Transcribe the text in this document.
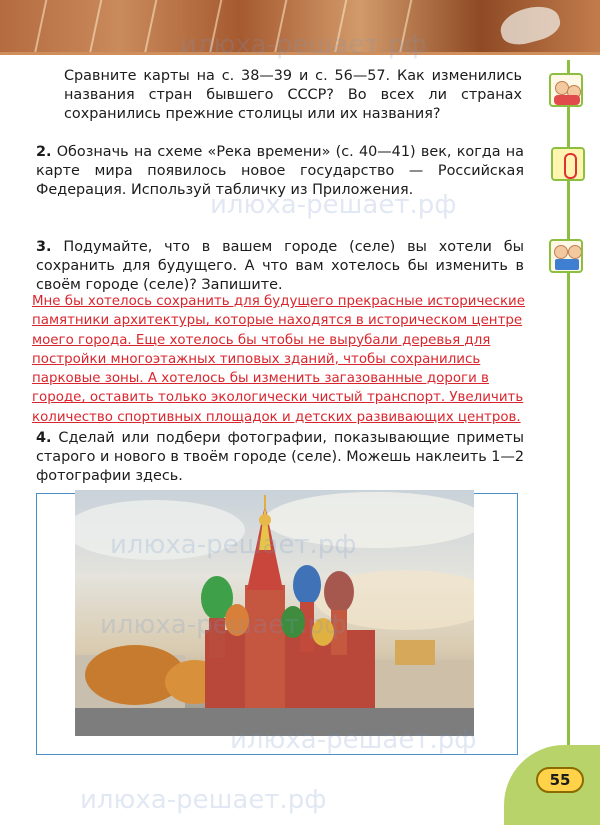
Сравните карты на с. 38—39 и с. 56—57. Как изменились названия стран бывшего СССР? Во всех ли странах сохранились прежние столицы или их названия?

2. Обозначь на схеме «Река времени» (с. 40—41) век, когда на карте мира появилось новое государство — Российская Федерация. Используй табличку из Приложения.

3. Подумайте, что в вашем городе (селе) вы хотели бы сохранить для будущего. А что вам хотелось бы изменить в своём городе (селе)? Запишите.

Мне бы хотелось сохранить для будущего прекрасные исторические
памятники архитектуры, которые находятся в историческом центре
моего города. Еще хотелось бы чтобы не вырубали деревья для
постройки многоэтажных типовых зданий, чтобы сохранились
парковые зоны. А хотелось бы изменить загазованные дороги в
городе, оставить только экологически чистый транспорт. Увеличить
количество спортивных площадок и детских развивающих центров.

4. Сделай или подбери фотографии, показывающие приметы старого и нового в твоём городе (селе). Можешь наклеить 1—2 фотографии здесь.

55
илюха-решает.рф
илюха-решает.рф
илюха-решает.рф
илюха-решает.рф
илюха-решает.рф
илюха-решает.рф
